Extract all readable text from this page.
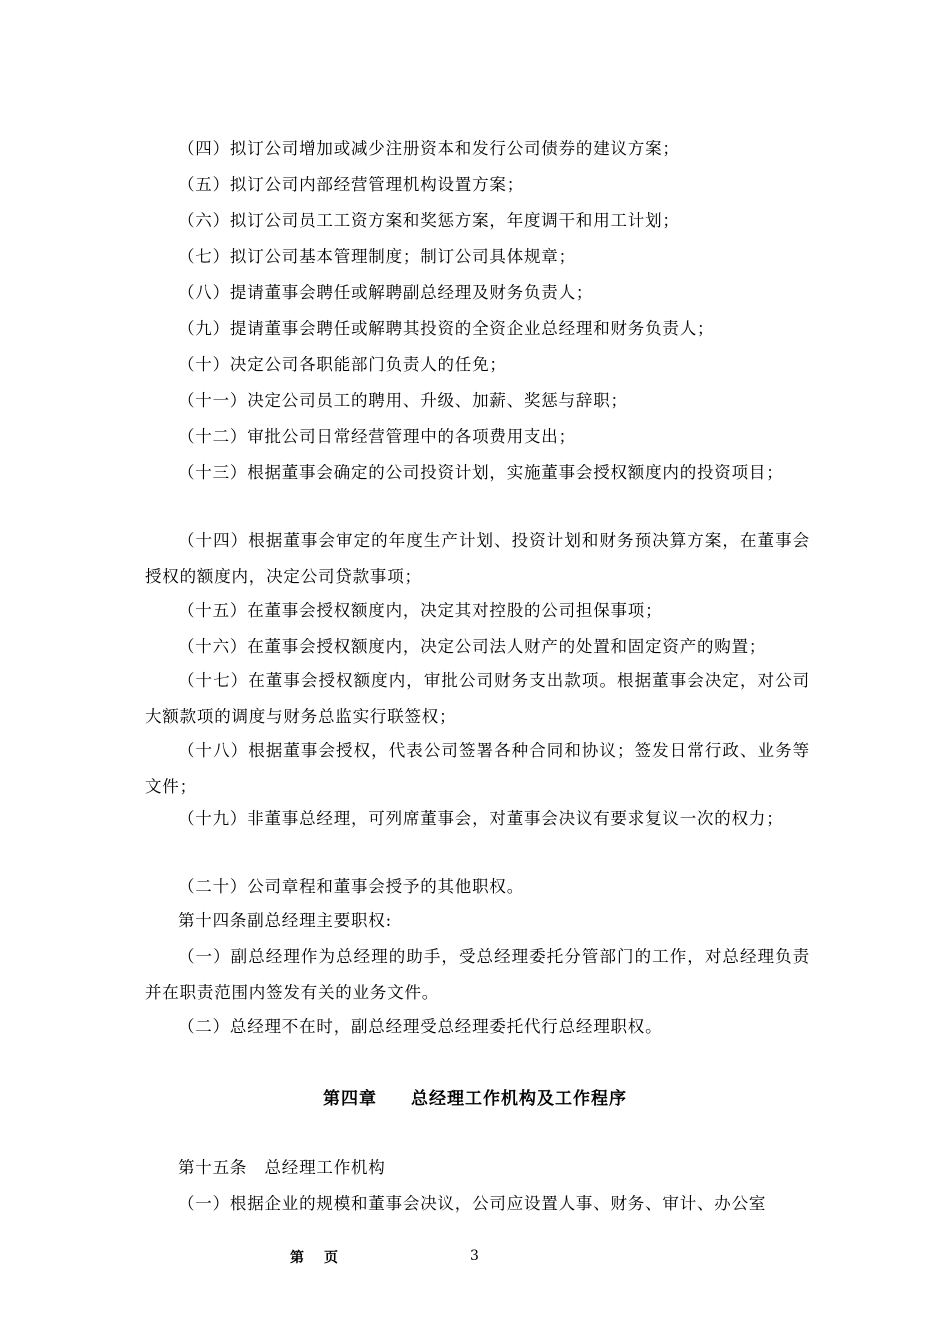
（四）拟订公司增加或减少注册资本和发行公司债券的建议方案；

（五）拟订公司内部经营管理机构设置方案；

（六）拟订公司员工工资方案和奖惩方案，年度调干和用工计划；

（七）拟订公司基本管理制度；制订公司具体规章；

（八）提请董事会聘任或解聘副总经理及财务负责人；

（九）提请董事会聘任或解聘其投资的全资企业总经理和财务负责人；

（十）决定公司各职能部门负责人的任免；

（十一）决定公司员工的聘用、升级、加薪、奖惩与辞职；

（十二）审批公司日常经营管理中的各项费用支出；

（十三）根据董事会确定的公司投资计划，实施董事会授权额度内的投资项目；

（十四）根据董事会审定的年度生产计划、投资计划和财务预决算方案，在董事会授权的额度内，决定公司贷款事项；

（十五）在董事会授权额度内，决定其对控股的公司担保事项；

（十六）在董事会授权额度内，决定公司法人财产的处置和固定资产的购置；

（十七）在董事会授权额度内，审批公司财务支出款项。根据董事会决定，对公司大额款项的调度与财务总监实行联签权；

（十八）根据董事会授权，代表公司签署各种合同和协议；签发日常行政、业务等文件；

（十九）非董事总经理，可列席董事会，对董事会决议有要求复议一次的权力；

（二十）公司章程和董事会授予的其他职权。

第十四条副总经理主要职权:

（一）副总经理作为总经理的助手，受总经理委托分管部门的工作，对总经理负责并在职责范围内签发有关的业务文件。

（二）总经理不在时，副总经理受总经理委托代行总经理职权。

第四章 总经理工作机构及工作程序

第十五条　总经理工作机构

（一）根据企业的规模和董事会决议，公司应设置人事、财务、审计、办公室

第 页	3
